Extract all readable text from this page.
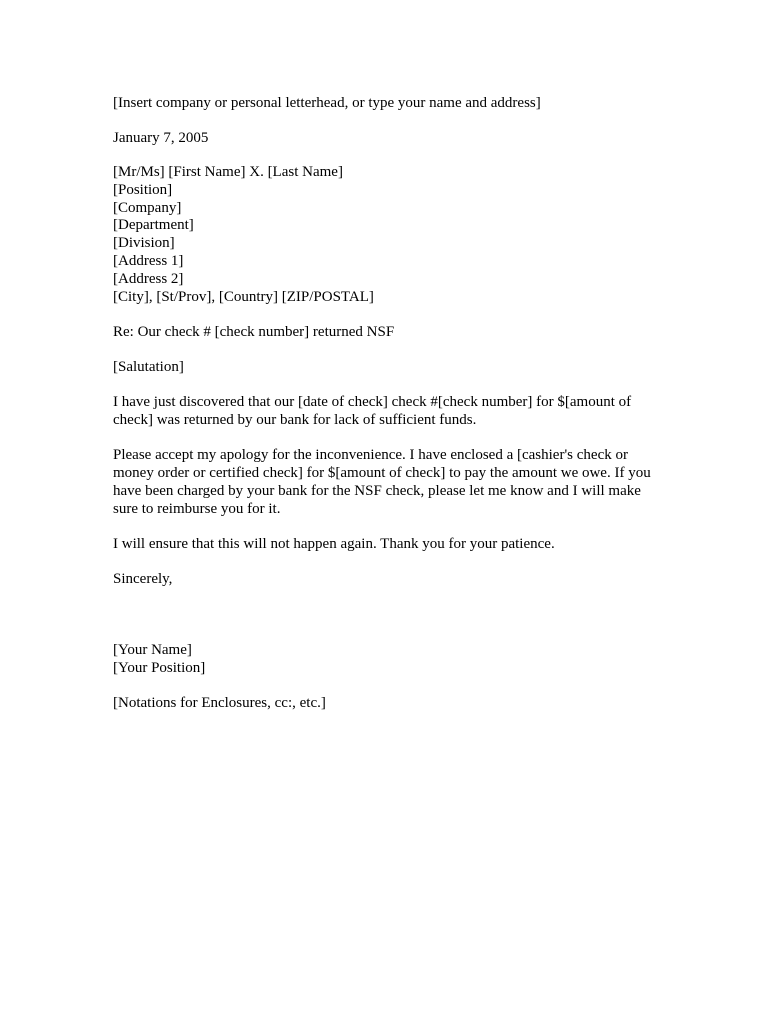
[Insert company or personal letterhead, or type your name and address]
January 7, 2005
[Mr/Ms] [First Name] X. [Last Name]
[Position]
[Company]
[Department]
[Division]
[Address 1]
[Address 2]
[City], [St/Prov], [Country] [ZIP/POSTAL]
Re: Our check # [check number] returned NSF
[Salutation]
I have just discovered that our [date of check] check #[check number] for $[amount of
check] was returned by our bank for lack of sufficient funds.
Please accept my apology for the inconvenience. I have enclosed a [cashier's check or
money order or certified check] for $[amount of check] to pay the amount we owe. If you
have been charged by your bank for the NSF check, please let me know and I will make
sure to reimburse you for it.
I will ensure that this will not happen again. Thank you for your patience.
Sincerely,
[Your Name]
[Your Position]
[Notations for Enclosures, cc:, etc.]
